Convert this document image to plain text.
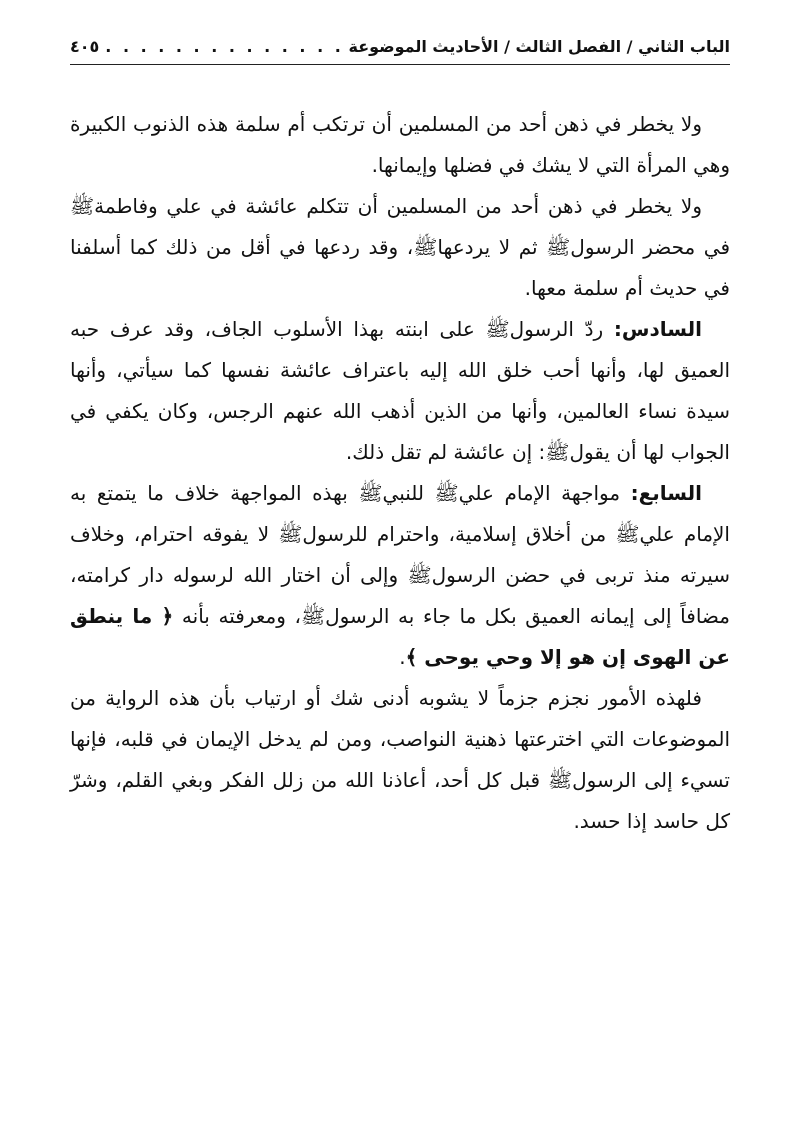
الباب الثاني / الفصل الثالث / الأحاديث الموضوعة
. . .
٤٠٥

ولا يخطر في ذهن أحد من المسلمين أن ترتكب أم سلمة هذه الذنوب الكبيرة وهي المرأة التي لا يشك في فضلها وإيمانها.

ولا يخطر في ذهن أحد من المسلمين أن تتكلم عائشة في علي وفاطمةﷺ في محضر الرسولﷺ ثم لا يردعهاﷺ، وقد ردعها في أقل من ذلك كما أسلفنا في حديث أم سلمة معها.

السادس: ردّ الرسولﷺ على ابنته بهذا الأسلوب الجاف، وقد عرف حبه العميق لها، وأنها أحب خلق الله إليه باعتراف عائشة نفسها كما سيأتي، وأنها سيدة نساء العالمين، وأنها من الذين أذهب الله عنهم الرجس، وكان يكفي في الجواب لها أن يقولﷺ: إن عائشة لم تقل ذلك.

السابع: مواجهة الإمام عليﷺ للنبيﷺ بهذه المواجهة خلاف ما يتمتع به الإمام عليﷺ من أخلاق إسلامية، واحترام للرسولﷺ لا يفوقه احترام، وخلاف سيرته منذ تربى في حضن الرسولﷺ وإلى أن اختار الله لرسوله دار كرامته، مضافاً إلى إيمانه العميق بكل ما جاء به الرسولﷺ، ومعرفته بأنه ﴿ ما ينطق عن الهوى إن هو إلا وحي يوحى ﴾.

فلهذه الأمور نجزم جزماً لا يشوبه أدنى شك أو ارتياب بأن هذه الرواية من الموضوعات التي اخترعتها ذهنية النواصب، ومن لم يدخل الإيمان في قلبه، فإنها تسيء إلى الرسولﷺ قبل كل أحد، أعاذنا الله من زلل الفكر وبغي القلم، وشرّ كل حاسد إذا حسد.
